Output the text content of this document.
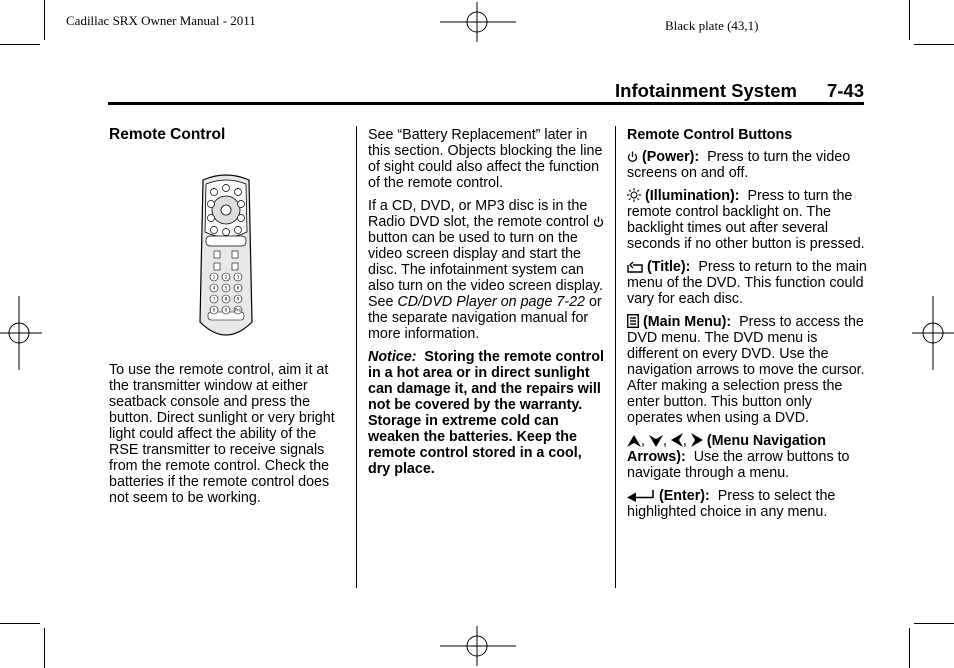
Cadillac SRX Owner Manual - 2011	Black plate (43,1)
Infotainment System 7-43
Remote Control
1 2 3
4 5 6
7 8 9
0 0 Pre

To use the remote control, aim it at the transmitter window at either seatback console and press the button. Direct sunlight or very bright light could affect the ability of the RSE transmitter to receive signals from the remote control. Check the batteries if the remote control does not seem to be working.

See “Battery Replacement” later in this section. Objects blocking the line of sight could also affect the function of the remote control.

If a CD, DVD, or MP3 disc is in the Radio DVD slot, the remote control  button can be used to turn on the video screen display and start the disc. The infotainment system can also turn on the video screen display. See CD/DVD Player on page 7-22 or the separate navigation manual for more information.

Notice: Storing the remote control in a hot area or in direct sunlight can damage it, and the repairs will not be covered by the warranty. Storage in extreme cold can weaken the batteries. Keep the remote control stored in a cool, dry place.

Remote Control Buttons

(Power): Press to turn the video screens on and off.

(Illumination): Press to turn the remote control backlight on. The backlight times out after several seconds if no other button is pressed.

(Title): Press to return to the main menu of the DVD. This function could vary for each disc.

(Main Menu): Press to access the DVD menu. The DVD menu is different on every DVD. Use the navigation arrows to move the cursor. After making a selection press the enter button. This button only operates when using a DVD.

, , ,  (Menu Navigation Arrows): Use the arrow buttons to navigate through a menu.

(Enter): Press to select the highlighted choice in any menu.
